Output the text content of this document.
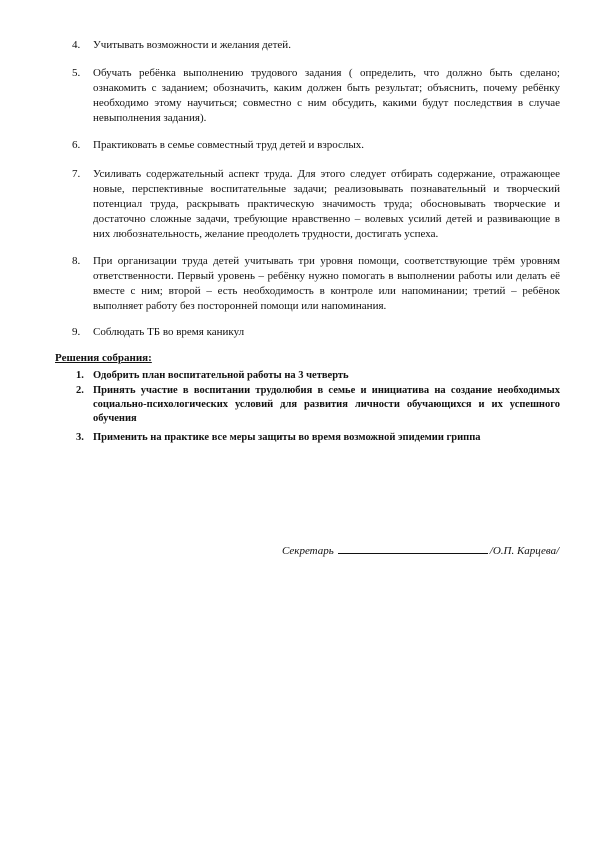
4.	Учитывать возможности и желания детей.
5.	Обучать ребёнка выполнению трудового задания ( определить, что должно быть сделано; ознакомить с заданием; обозначить, каким должен быть результат; объяснить, почему ребёнку необходимо этому научиться; совместно с ним обсудить, какими будут последствия в случае невыполнения задания).
6.	Практиковать в семье совместный труд детей и взрослых.
7.	Усиливать содержательный аспект труда. Для этого следует отбирать содержание, отражающее новые, перспективные воспитательные задачи; реализовывать познавательный и творческий потенциал труда, раскрывать практическую значимость труда; обосновывать творческие и достаточно сложные задачи, требующие нравственно – волевых усилий детей и развивающие в них любознательность, желание преодолеть трудности, достигать успеха.
8.	При организации труда детей учитывать три уровня помощи, соответствующие трём уровням ответственности. Первый уровень – ребёнку нужно помогать в выполнении работы или делать её вместе с ним; второй – есть необходимость в контроле или напоминании; третий – ребёнок выполняет работу без посторонней помощи или напоминания.
9.	Соблюдать ТБ во время каникул
Решения собрания:
1. Одобрить план воспитательной работы на 3 четверть
2. Принять участие в воспитании трудолюбия в семье и инициатива на создание необходимых социально-психологических условий для развития личности обучающихся и их успешного обучения
3. Применить на практике все меры защиты во время возможной эпидемии гриппа
Секретарь	/О.П. Карцева/
